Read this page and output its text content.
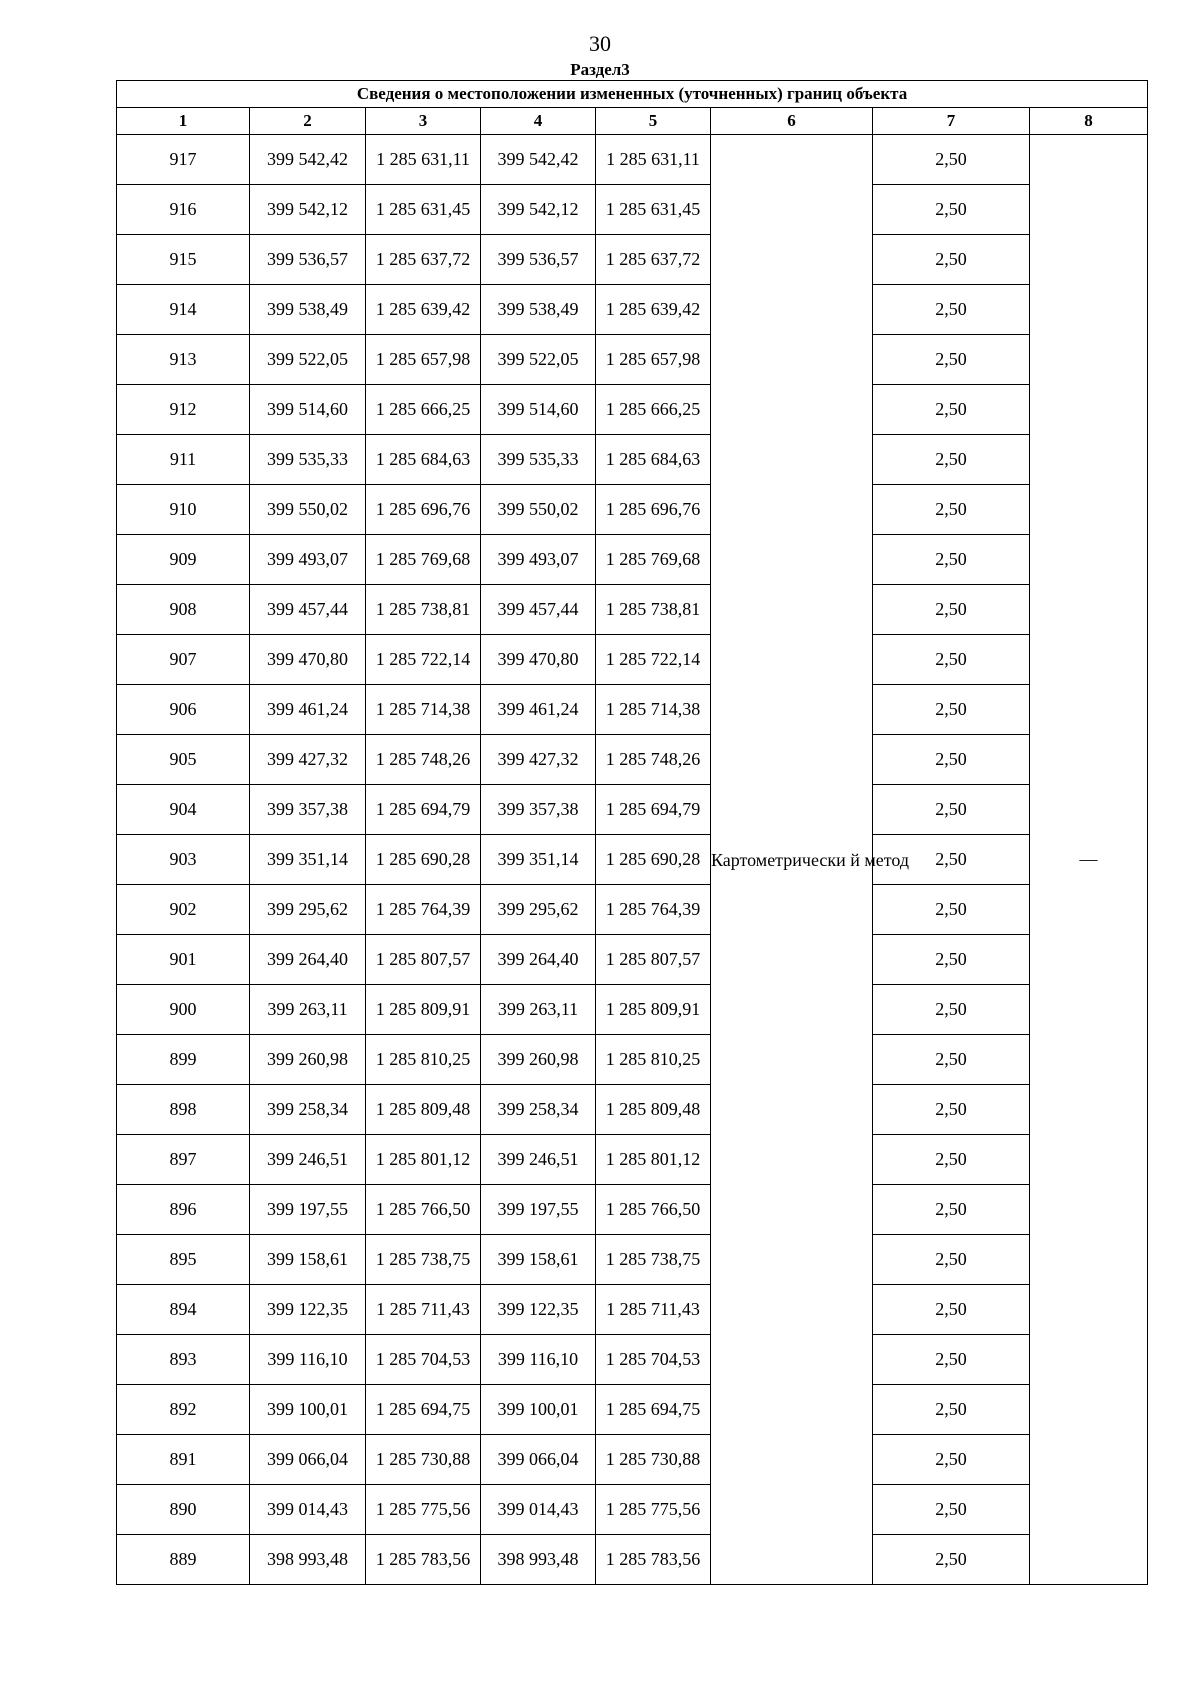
30
Раздел3
Сведения о местоположении измененных (уточненных) границ объекта							
1	2	3	4	5	6	7	8
917	399 542,42	1 285 631,11	399 542,42	1 285 631,11	Картометрически й метод	2,50	—
916	399 542,12	1 285 631,45	399 542,12	1 285 631,45		2,50	
915	399 536,57	1 285 637,72	399 536,57	1 285 637,72		2,50	
914	399 538,49	1 285 639,42	399 538,49	1 285 639,42		2,50	
913	399 522,05	1 285 657,98	399 522,05	1 285 657,98		2,50	
912	399 514,60	1 285 666,25	399 514,60	1 285 666,25		2,50	
911	399 535,33	1 285 684,63	399 535,33	1 285 684,63		2,50	
910	399 550,02	1 285 696,76	399 550,02	1 285 696,76		2,50	
909	399 493,07	1 285 769,68	399 493,07	1 285 769,68		2,50	
908	399 457,44	1 285 738,81	399 457,44	1 285 738,81		2,50	
907	399 470,80	1 285 722,14	399 470,80	1 285 722,14		2,50	
906	399 461,24	1 285 714,38	399 461,24	1 285 714,38		2,50	
905	399 427,32	1 285 748,26	399 427,32	1 285 748,26		2,50	
904	399 357,38	1 285 694,79	399 357,38	1 285 694,79		2,50	
903	399 351,14	1 285 690,28	399 351,14	1 285 690,28		2,50	
902	399 295,62	1 285 764,39	399 295,62	1 285 764,39		2,50	
901	399 264,40	1 285 807,57	399 264,40	1 285 807,57		2,50	
900	399 263,11	1 285 809,91	399 263,11	1 285 809,91		2,50	
899	399 260,98	1 285 810,25	399 260,98	1 285 810,25		2,50	
898	399 258,34	1 285 809,48	399 258,34	1 285 809,48		2,50	
897	399 246,51	1 285 801,12	399 246,51	1 285 801,12		2,50	
896	399 197,55	1 285 766,50	399 197,55	1 285 766,50		2,50	
895	399 158,61	1 285 738,75	399 158,61	1 285 738,75		2,50	
894	399 122,35	1 285 711,43	399 122,35	1 285 711,43		2,50	
893	399 116,10	1 285 704,53	399 116,10	1 285 704,53		2,50	
892	399 100,01	1 285 694,75	399 100,01	1 285 694,75		2,50	
891	399 066,04	1 285 730,88	399 066,04	1 285 730,88		2,50	
890	399 014,43	1 285 775,56	399 014,43	1 285 775,56		2,50	
889	398 993,48	1 285 783,56	398 993,48	1 285 783,56		2,50	
